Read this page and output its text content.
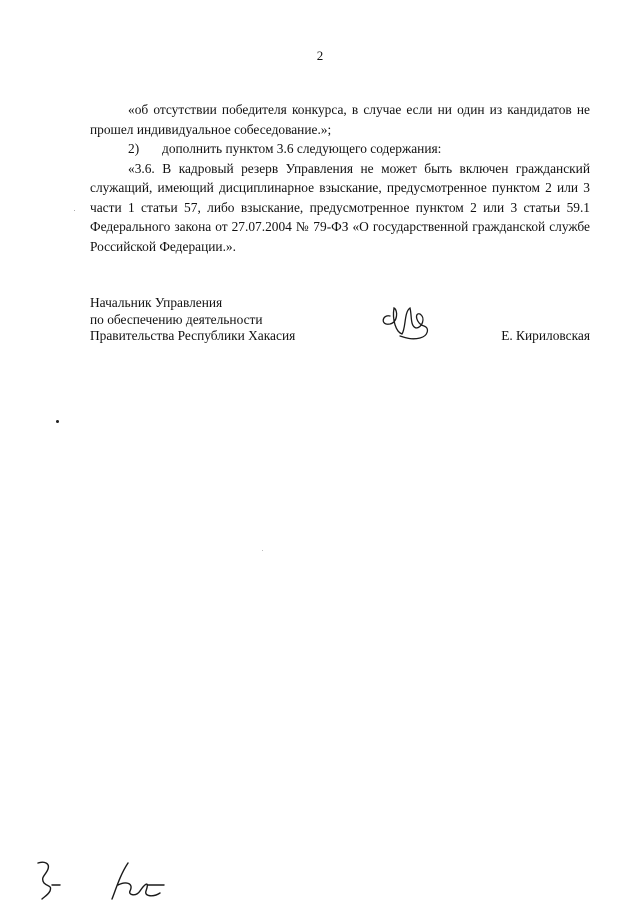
2

«об отсутствии победителя конкурса, в случае если ни один из кандидатов не прошел индивидуальное собеседование.»;

2) дополнить пунктом 3.6 следующего содержания:

«3.6. В кадровый резерв Управления не может быть включен гражданский служащий, имеющий дисциплинарное взыскание, предусмотренное пунктом 2 или 3 части 1 статьи 57, либо взыскание, предусмотренное пунктом 2 или 3 статьи 59.1 Федерального закона от 27.07.2004 № 79-ФЗ «О государственной гражданской службе Российской Федерации.».

Начальник Управления
по обеспечению деятельности
Правительства Республики Хакасия	Е. Кириловская
